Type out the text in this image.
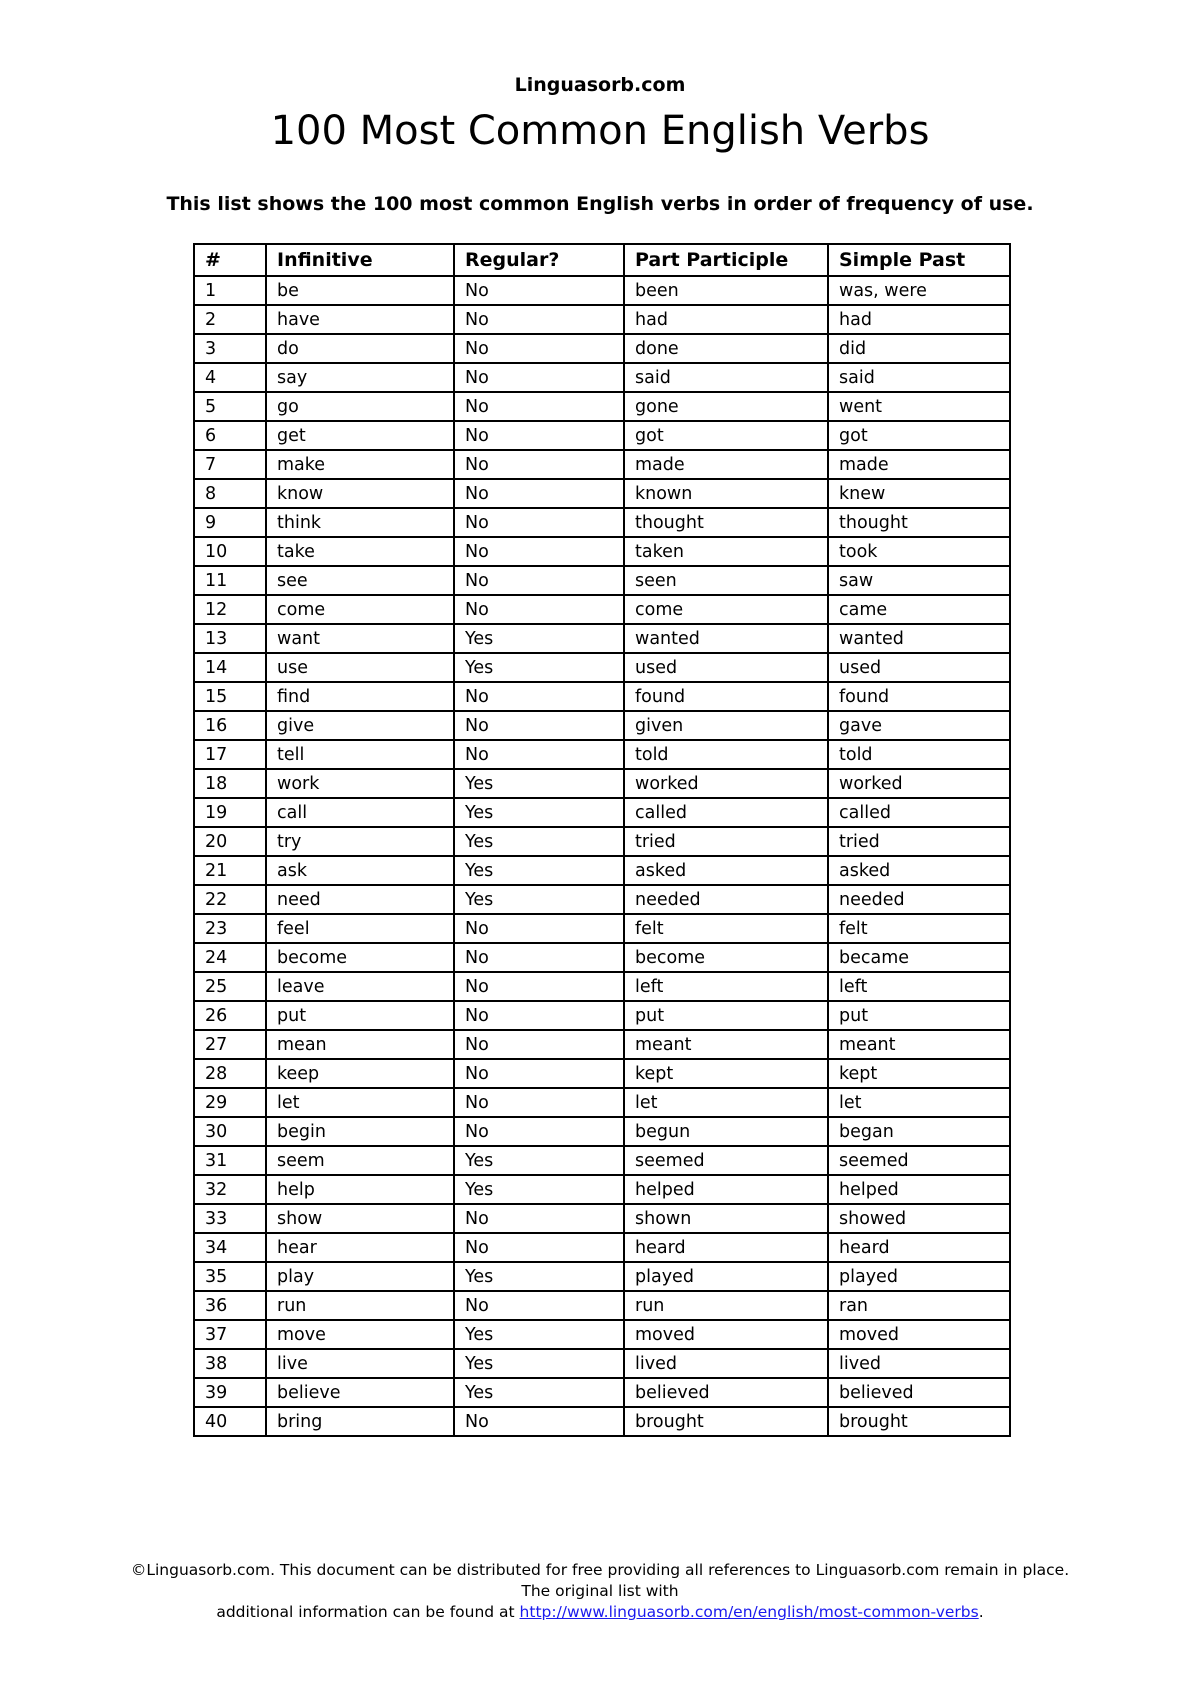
Linguasorb.com
100 Most Common English Verbs
This list shows the 100 most common English verbs in order of frequency of use.
#	Infinitive	Regular?	Part Participle	Simple Past
1	be	No	been	was, were
2	have	No	had	had
3	do	No	done	did
4	say	No	said	said
5	go	No	gone	went
6	get	No	got	got
7	make	No	made	made
8	know	No	known	knew
9	think	No	thought	thought
10	take	No	taken	took
11	see	No	seen	saw
12	come	No	come	came
13	want	Yes	wanted	wanted
14	use	Yes	used	used
15	find	No	found	found
16	give	No	given	gave
17	tell	No	told	told
18	work	Yes	worked	worked
19	call	Yes	called	called
20	try	Yes	tried	tried
21	ask	Yes	asked	asked
22	need	Yes	needed	needed
23	feel	No	felt	felt
24	become	No	become	became
25	leave	No	left	left
26	put	No	put	put
27	mean	No	meant	meant
28	keep	No	kept	kept
29	let	No	let	let
30	begin	No	begun	began
31	seem	Yes	seemed	seemed
32	help	Yes	helped	helped
33	show	No	shown	showed
34	hear	No	heard	heard
35	play	Yes	played	played
36	run	No	run	ran
37	move	Yes	moved	moved
38	live	Yes	lived	lived
39	believe	Yes	believed	believed
40	bring	No	brought	brought
©Linguasorb.com. This document can be distributed for free providing all references to Linguasorb.com remain in place. The original list with
additional information can be found at http://www.linguasorb.com/en/english/most-common-verbs.
